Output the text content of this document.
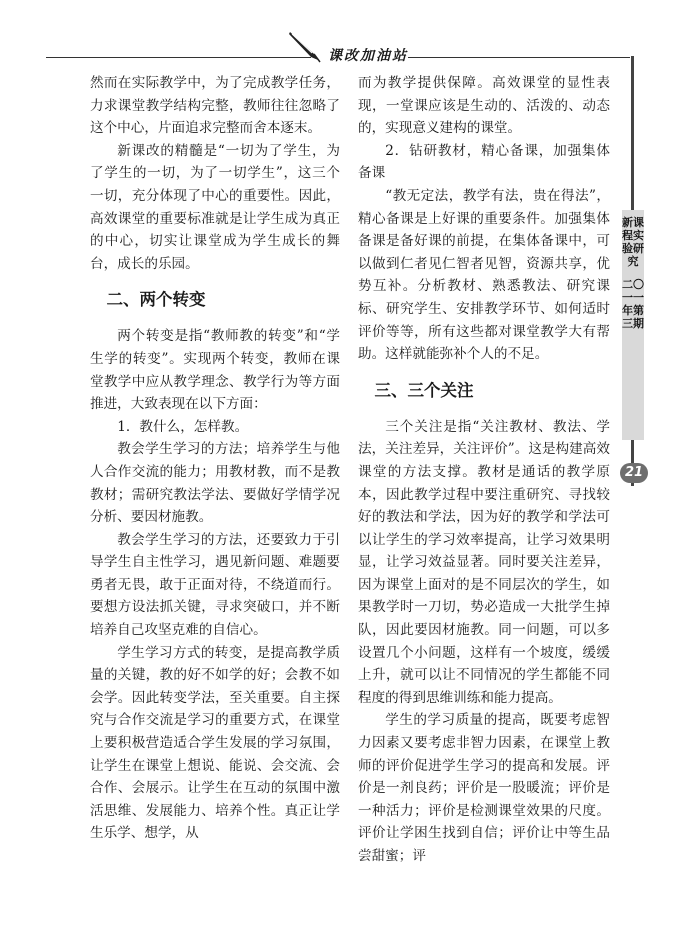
课改加油站
新课程实验研究
二〇一一年第三期
21

然而在实际教学中，为了完成教学任务，力求课堂教学结构完整，教师往往忽略了这个中心，片面追求完整而舍本逐末。

新课改的精髓是“一切为了学生，为了学生的一切，为了一切学生”，这三个一切，充分体现了中心的重要性。因此，高效课堂的重要标准就是让学生成为真正的中心，切实让课堂成为学生成长的舞台，成长的乐园。

二、两个转变

两个转变是指“教师教的转变”和“学生学的转变”。实现两个转变，教师在课堂教学中应从教学理念、教学行为等方面推进，大致表现在以下方面：

1．教什么，怎样教。

教会学生学习的方法；培养学生与他人合作交流的能力；用教材教，而不是教教材；需研究教法学法、要做好学情学况分析、要因材施教。

教会学生学习的方法，还要致力于引导学生自主性学习，遇见新问题、难题要勇者无畏，敢于正面对待，不绕道而行。要想方设法抓关键，寻求突破口，并不断培养自己攻坚克难的自信心。

学生学习方式的转变，是提高教学质量的关键，教的好不如学的好；会教不如会学。因此转变学法，至关重要。自主探究与合作交流是学习的重要方式，在课堂上要积极营造适合学生发展的学习氛围，让学生在课堂上想说、能说、会交流、会合作、会展示。让学生在互动的氛围中激活思维、发展能力、培养个性。真正让学生乐学、想学，从

而为教学提供保障。高效课堂的显性表现，一堂课应该是生动的、活泼的、动态的，实现意义建构的课堂。

2．钻研教材，精心备课，加强集体备课

“教无定法，教学有法，贵在得法”，精心备课是上好课的重要条件。加强集体备课是备好课的前提，在集体备课中，可以做到仁者见仁智者见智，资源共享，优势互补。分析教材、熟悉教法、研究课标、研究学生、安排教学环节、如何适时评价等等，所有这些都对课堂教学大有帮助。这样就能弥补个人的不足。

三、三个关注

三个关注是指“关注教材、教法、学法，关注差异，关注评价”。这是构建高效课堂的方法支撑。教材是通话的教学原本，因此教学过程中要注重研究、寻找较好的教法和学法，因为好的教学和学法可以让学生的学习效率提高，让学习效果明显，让学习效益显著。同时要关注差异，因为课堂上面对的是不同层次的学生，如果教学时一刀切，势必造成一大批学生掉队，因此要因材施教。同一问题，可以多设置几个小问题，这样有一个坡度，缓缓上升，就可以让不同情况的学生都能不同程度的得到思维训练和能力提高。

学生的学习质量的提高，既要考虑智力因素又要考虑非智力因素，在课堂上教师的评价促进学生学习的提高和发展。评价是一剂良药；评价是一股暖流；评价是一种活力；评价是检测课堂效果的尺度。评价让学困生找到自信；评价让中等生品尝甜蜜；评
